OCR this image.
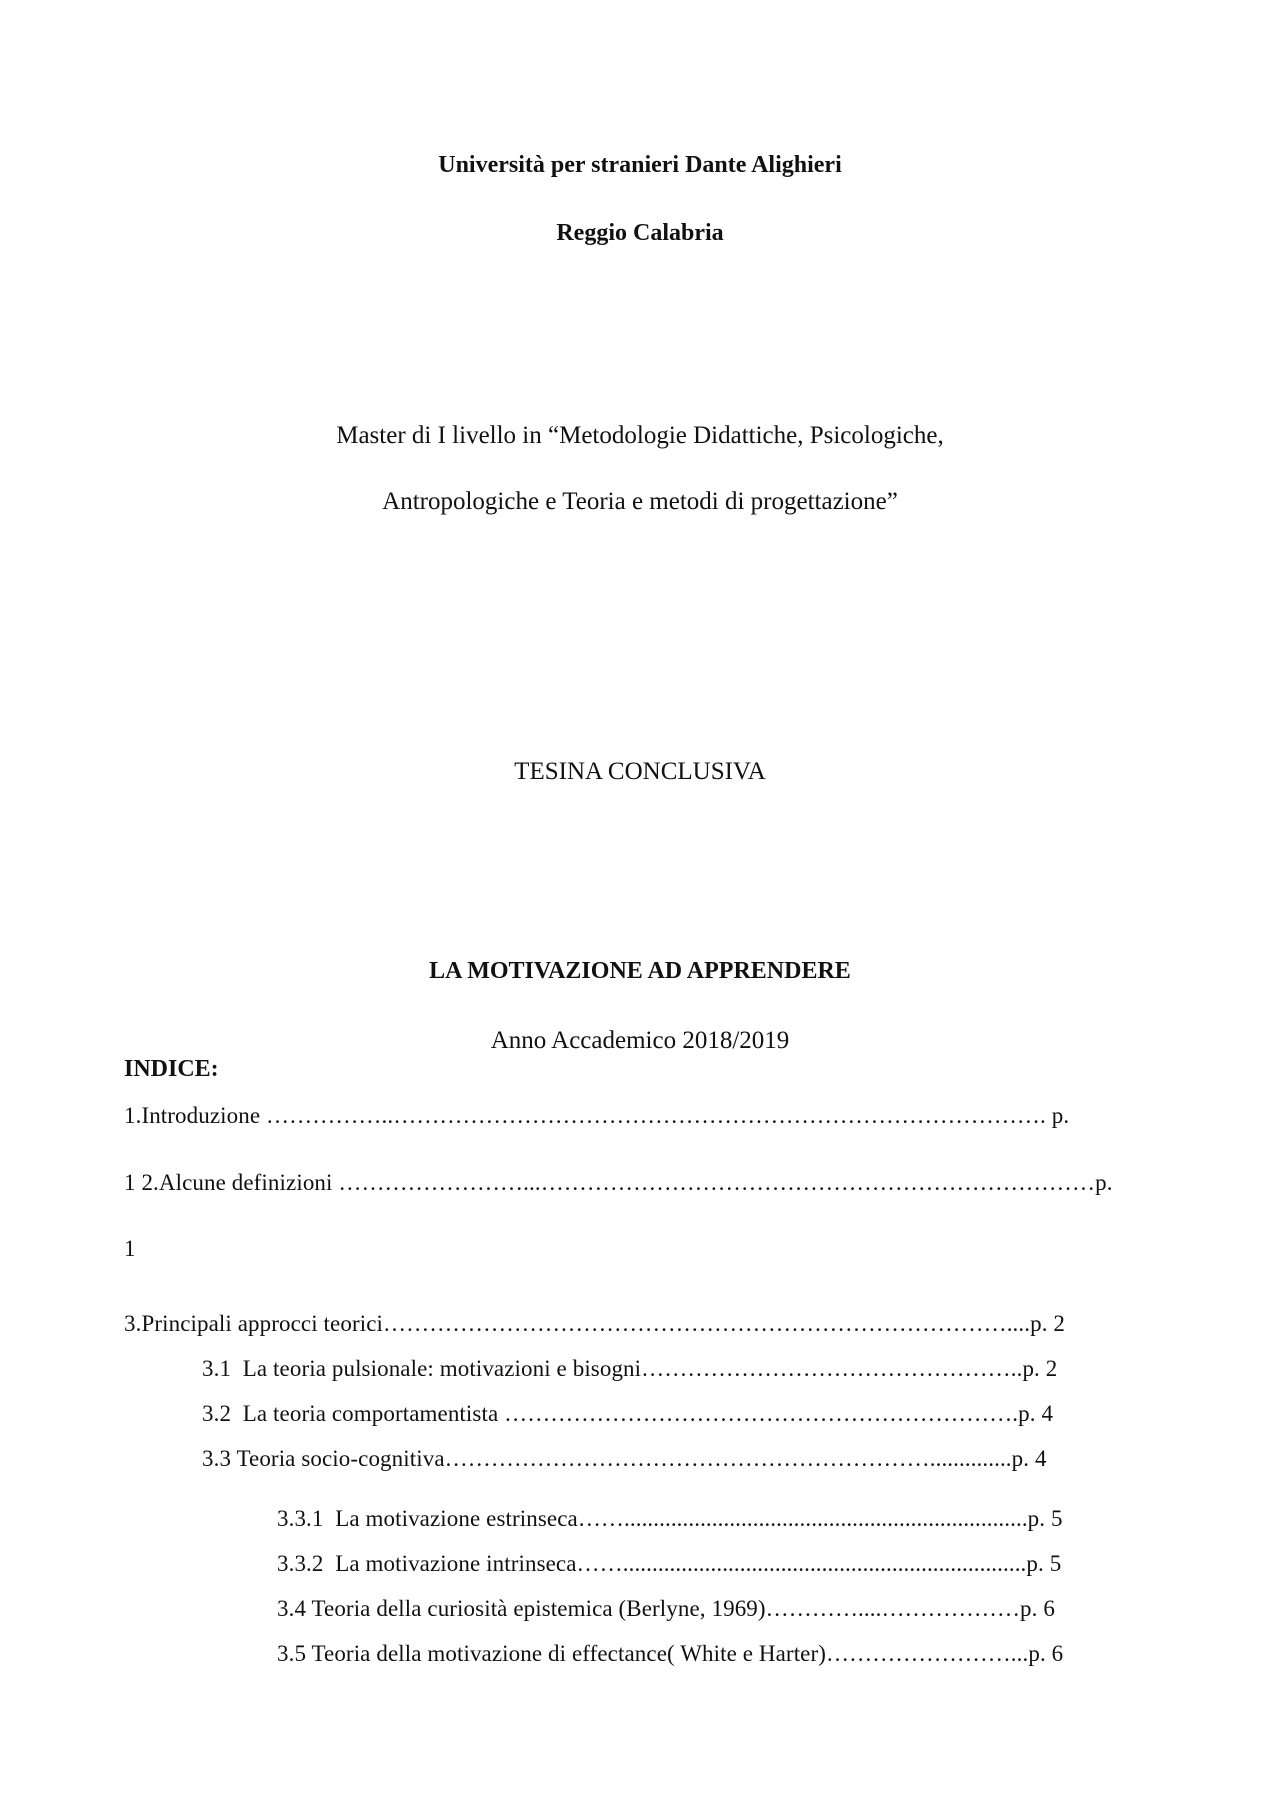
Università per stranieri Dante Alighieri
Reggio Calabria
Master di I livello in “Metodologie Didattiche, Psicologiche,
Antropologiche e Teoria e metodi di progettazione”
TESINA CONCLUSIVA
LA MOTIVAZIONE AD APPRENDERE
Anno Accademico 2018/2019
INDICE:
1.Introduzione ……………..…………………………………………………………………………. p.
1 2.Alcune definizioni ……………………...………………………………………………………………p.
1
3.Principali approcci teorici………………………………………………………………………....p. 2
3.1  La teoria pulsionale: motivazioni e bisogni…………………………………………..p. 2
3.2  La teoria comportamentista ………………………………………………………….p. 4
3.3 Teoria socio-cognitiva………………………………………………………..............p. 4
3.3.1  La motivazione estrinseca…….....................................................................p. 5
3.3.2  La motivazione intrinseca…….....................................................................p. 5
3.4 Teoria della curiosità epistemica (Berlyne, 1969)…………....………………p. 6
3.5 Teoria della motivazione di effectance( White e Harter)……………………...p. 6
